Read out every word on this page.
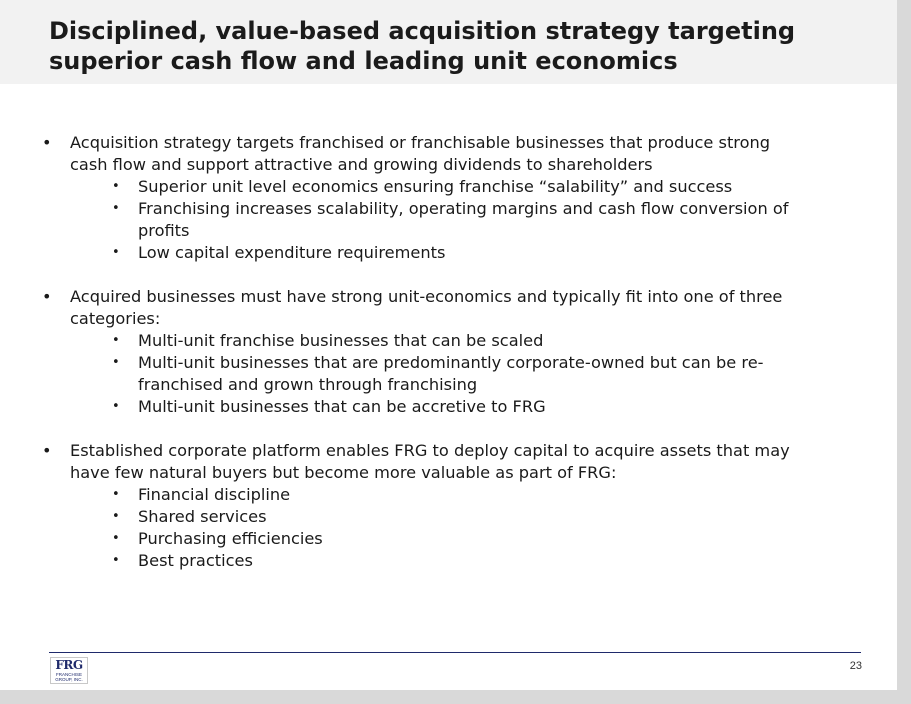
Disciplined, value-based acquisition strategy targeting
superior cash flow and leading unit economics
• Acquisition strategy targets franchised or franchisable businesses that produce strong
cash flow and support attractive and growing dividends to shareholders
• Superior unit level economics ensuring franchise “salability” and success
• Franchising increases scalability, operating margins and cash flow conversion of
profits
• Low capital expenditure requirements
• Acquired businesses must have strong unit-economics and typically fit into one of three
categories:
• Multi-unit franchise businesses that can be scaled
• Multi-unit businesses that are predominantly corporate-owned but can be re-
franchised and grown through franchising
• Multi-unit businesses that can be accretive to FRG
• Established corporate platform enables FRG to deploy capital to acquire assets that may
have few natural buyers but become more valuable as part of FRG:
• Financial discipline
• Shared services
• Purchasing efficiencies
• Best practices
FRG
FRANCHISE
GROUP, INC.
23
